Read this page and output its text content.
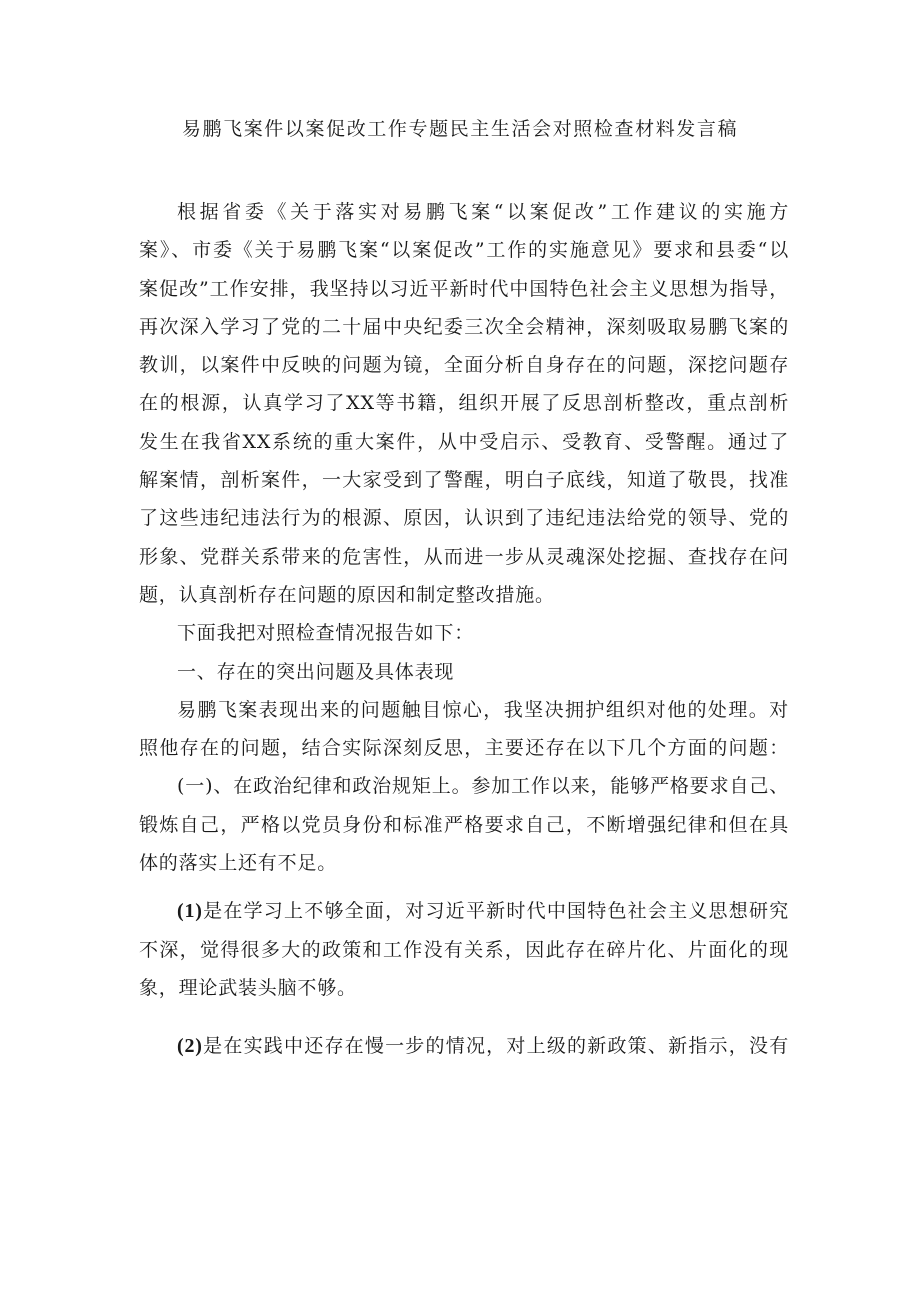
易鹏飞案件以案促改工作专题民主生活会对照检查材料发言稿
根据省委《关于落实对易鹏飞案“以案促改”工作建议的实施方
案》、市委《关于易鹏飞案“以案促改”工作的实施意见》要求和县委“以
案促改”工作安排，我坚持以习近平新时代中国特色社会主义思想为指导，
再次深入学习了党的二十届中央纪委三次全会精神，深刻吸取易鹏飞案的
教训，以案件中反映的问题为镜，全面分析自身存在的问题，深挖问题存
在的根源，认真学习了XX等书籍，组织开展了反思剖析整改，重点剖析
发生在我省XX系统的重大案件，从中受启示、受教育、受警醒。通过了
解案情，剖析案件，一大家受到了警醒，明白子底线，知道了敬畏，找准
了这些违纪违法行为的根源、原因，认识到了违纪违法给党的领导、党的
形象、党群关系带来的危害性，从而进一步从灵魂深处挖掘、查找存在问
题，认真剖析存在问题的原因和制定整改措施。
下面我把对照检查情况报告如下：
一、存在的突出问题及具体表现
易鹏飞案表现出来的问题触目惊心，我坚决拥护组织对他的处理。对
照他存在的问题，结合实际深刻反思，主要还存在以下几个方面的问题：
(一)、在政治纪律和政治规矩上。参加工作以来，能够严格要求自己、
锻炼自己，严格以党员身份和标准严格要求自己，不断增强纪律和但在具
体的落实上还有不足。
(1)是在学习上不够全面，对习近平新时代中国特色社会主义思想研究
不深，觉得很多大的政策和工作没有关系，因此存在碎片化、片面化的现
象，理论武装头脑不够。
(2)是在实践中还存在慢一步的情况，对上级的新政策、新指示，没有
